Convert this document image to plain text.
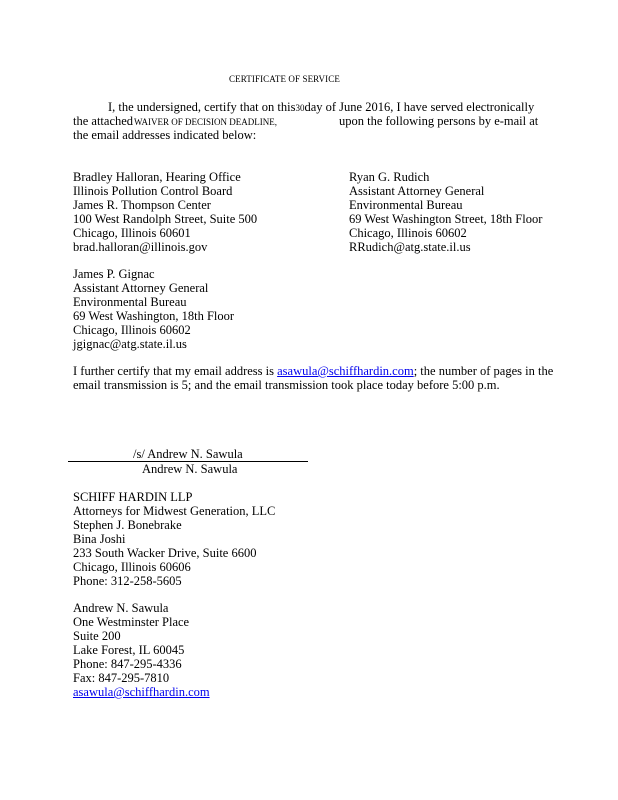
CERTIFICATE OF SERVICE
I, the undersigned, certify that on this30day of June 2016, I have served electronically
the attached WAIVER OF DECISION DEADLINE,	upon the following persons by e-mail at
the email addresses indicated below:
Bradley Halloran, Hearing Office
Illinois Pollution Control Board
James R. Thompson Center
100 West Randolph Street, Suite 500
Chicago, Illinois 60601
brad.halloran@illinois.gov
Ryan G. Rudich
Assistant Attorney General
Environmental Bureau
69 West Washington Street, 18th Floor
Chicago, Illinois 60602
RRudich@atg.state.il.us
James P. Gignac
Assistant Attorney General
Environmental Bureau
69 West Washington, 18th Floor
Chicago, Illinois 60602
jgignac@atg.state.il.us
I further certify that my email address is asawula@schiffhardin.com; the number of pages in the
email transmission is 5; and the email transmission took place today before 5:00 p.m.
/s/ Andrew N. Sawula
Andrew N. Sawula
SCHIFF HARDIN LLP
Attorneys for Midwest Generation, LLC
Stephen J. Bonebrake
Bina Joshi
233 South Wacker Drive, Suite 6600
Chicago, Illinois 60606
Phone: 312-258-5605
Andrew N. Sawula
One Westminster Place
Suite 200
Lake Forest, IL 60045
Phone: 847-295-4336
Fax: 847-295-7810
asawula@schiffhardin.com
